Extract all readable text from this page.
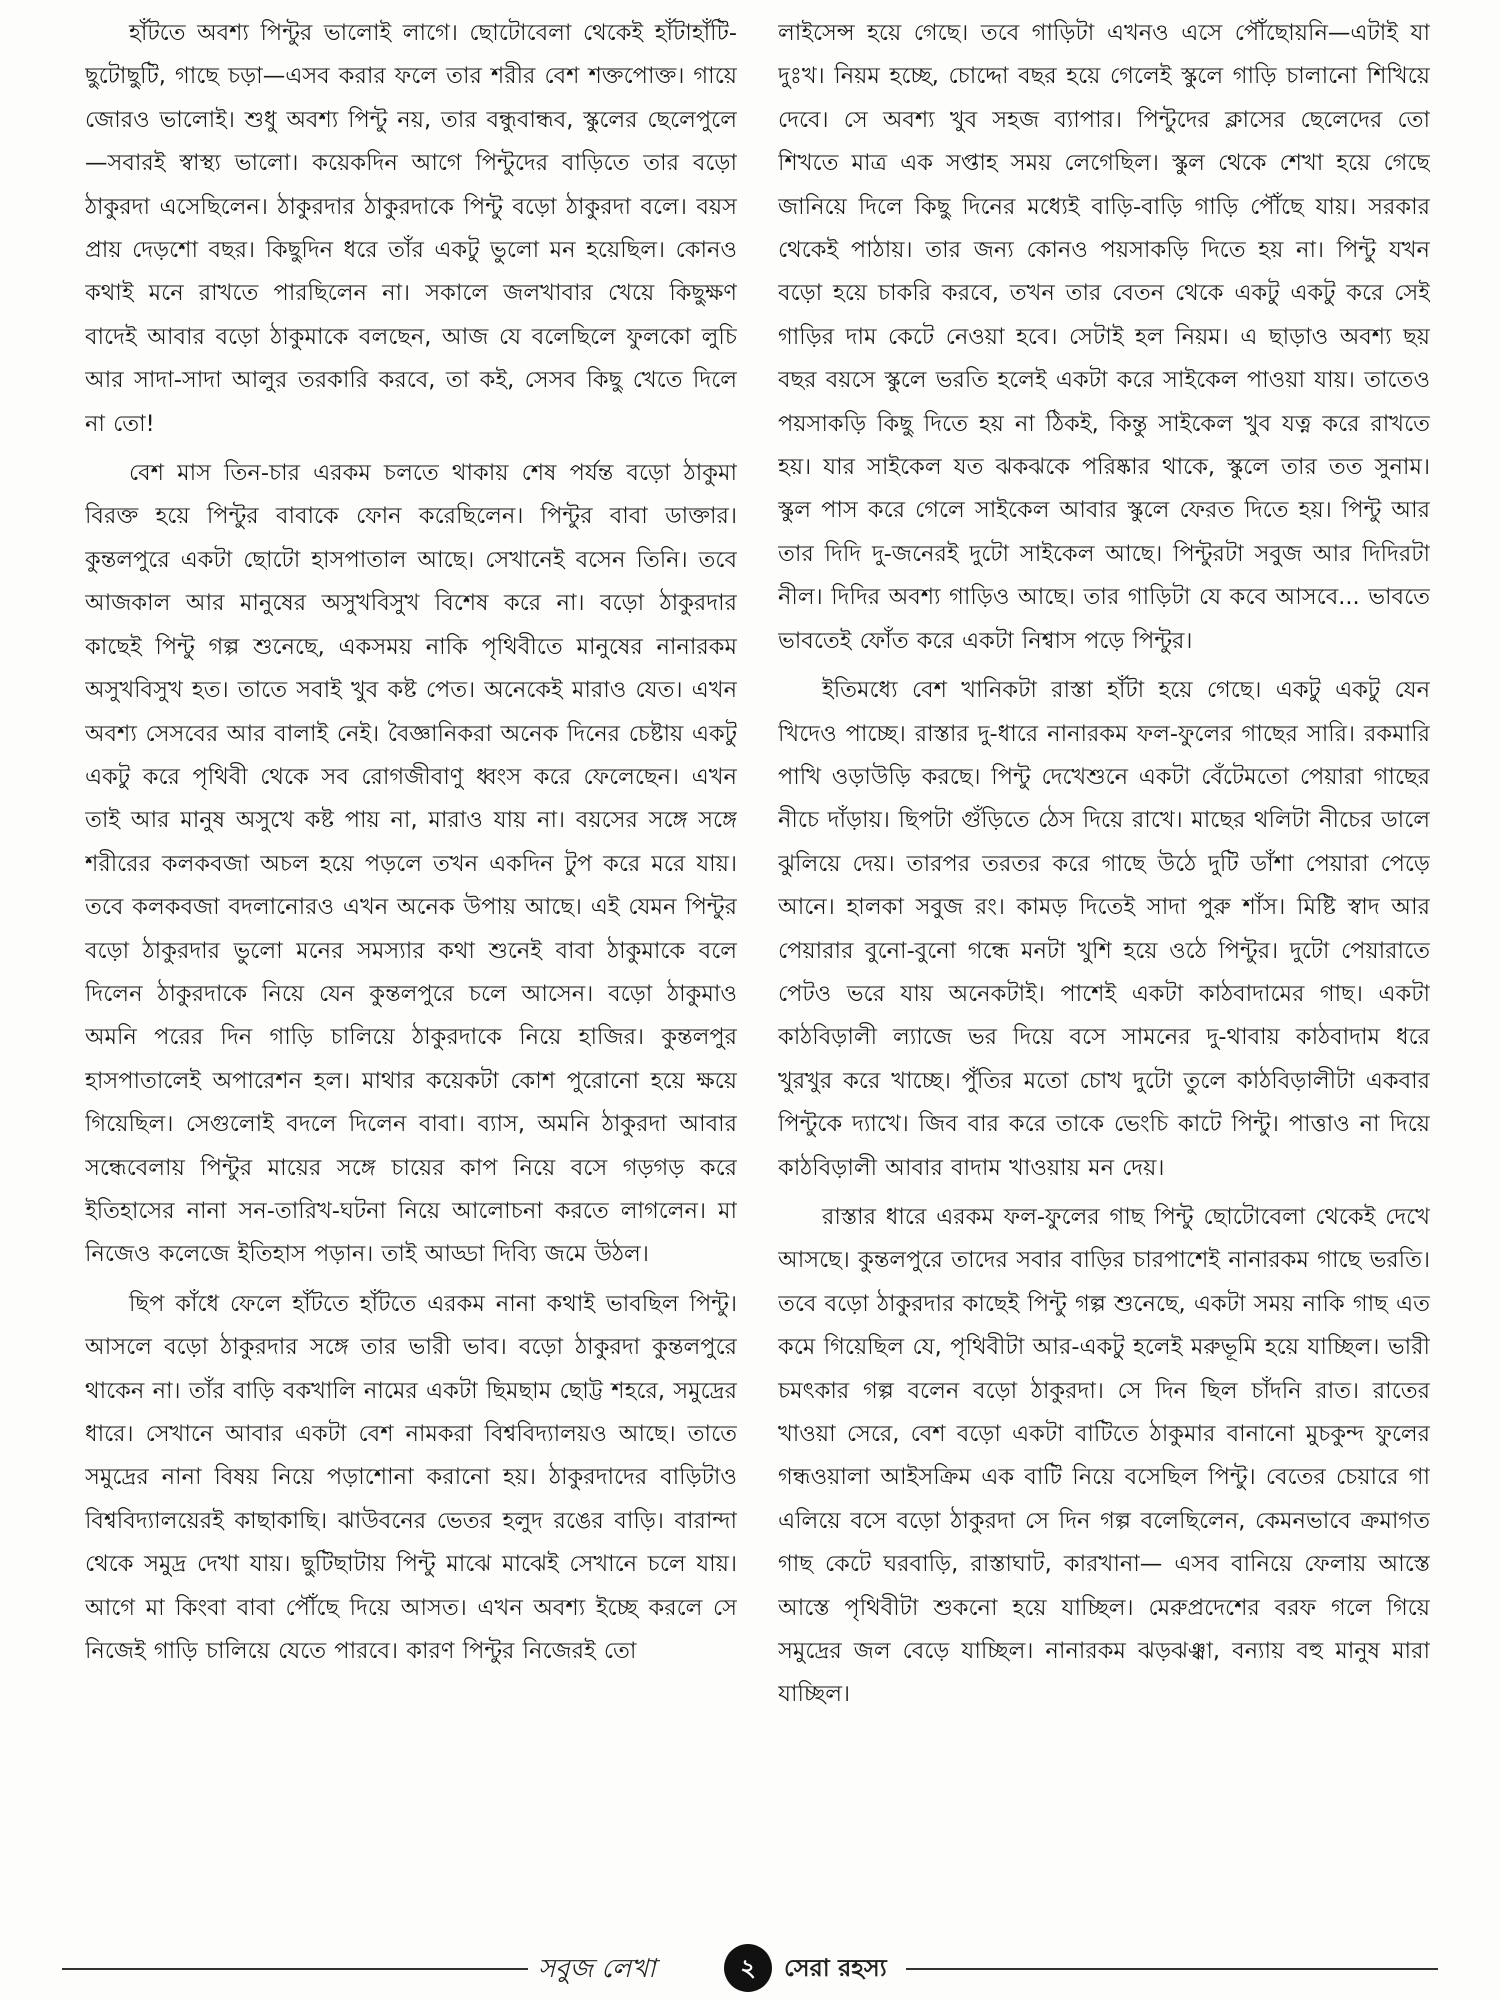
হাঁটতে অবশ্য পিন্টুর ভালোই লাগে। ছোটোবেলা থেকেই হাঁটাহাঁটি-ছুটোছুটি, গাছে চড়া—এসব করার ফলে তার শরীর বেশ শক্তপোক্ত। গায়ে জোরও ভালোই। শুধু অবশ্য পিন্টু নয়, তার বন্ধুবান্ধব, স্কুলের ছেলেপুলে—সবারই স্বাস্থ্য ভালো। কয়েকদিন আগে পিন্টুদের বাড়িতে তার বড়ো ঠাকুরদা এসেছিলেন। ঠাকুরদার ঠাকুরদাকে পিন্টু বড়ো ঠাকুরদা বলে। বয়স প্রায় দেড়শো বছর। কিছুদিন ধরে তাঁর একটু ভুলো মন হয়েছিল। কোনও কথাই মনে রাখতে পারছিলেন না। সকালে জলখাবার খেয়ে কিছুক্ষণ বাদেই আবার বড়ো ঠাকুমাকে বলছেন, আজ যে বলেছিলে ফুলকো লুচি আর সাদা-সাদা আলুর তরকারি করবে, তা কই, সেসব কিছু খেতে দিলে না তো!

বেশ মাস তিন-চার এরকম চলতে থাকায় শেষ পর্যন্ত বড়ো ঠাকুমা বিরক্ত হয়ে পিন্টুর বাবাকে ফোন করেছিলেন। পিন্টুর বাবা ডাক্তার। কুন্তলপুরে একটা ছোটো হাসপাতাল আছে। সেখানেই বসেন তিনি। তবে আজকাল আর মানুষের অসুখবিসুখ বিশেষ করে না। বড়ো ঠাকুরদার কাছেই পিন্টু গল্প শুনেছে, একসময় নাকি পৃথিবীতে মানুষের নানারকম অসুখবিসুখ হত। তাতে সবাই খুব কষ্ট পেত। অনেকেই মারাও যেত। এখন অবশ্য সেসবের আর বালাই নেই। বৈজ্ঞানিকরা অনেক দিনের চেষ্টায় একটু একটু করে পৃথিবী থেকে সব রোগজীবাণু ধ্বংস করে ফেলেছেন। এখন তাই আর মানুষ অসুখে কষ্ট পায় না, মারাও যায় না। বয়সের সঙ্গে সঙ্গে শরীরের কলকবজা অচল হয়ে পড়লে তখন একদিন টুপ করে মরে যায়। তবে কলকবজা বদলানোরও এখন অনেক উপায় আছে। এই যেমন পিন্টুর বড়ো ঠাকুরদার ভুলো মনের সমস্যার কথা শুনেই বাবা ঠাকুমাকে বলে দিলেন ঠাকুরদাকে নিয়ে যেন কুন্তলপুরে চলে আসেন। বড়ো ঠাকুমাও অমনি পরের দিন গাড়ি চালিয়ে ঠাকুরদাকে নিয়ে হাজির। কুন্তলপুর হাসপাতালেই অপারেশন হল। মাথার কয়েকটা কোশ পুরোনো হয়ে ক্ষয়ে গিয়েছিল। সেগুলোই বদলে দিলেন বাবা। ব্যাস, অমনি ঠাকুরদা আবার সন্ধেবেলায় পিন্টুর মায়ের সঙ্গে চায়ের কাপ নিয়ে বসে গড়গড় করে ইতিহাসের নানা সন-তারিখ-ঘটনা নিয়ে আলোচনা করতে লাগলেন। মা নিজেও কলেজে ইতিহাস পড়ান। তাই আড্ডা দিব্যি জমে উঠল।

ছিপ কাঁধে ফেলে হাঁটতে হাঁটতে এরকম নানা কথাই ভাবছিল পিন্টু। আসলে বড়ো ঠাকুরদার সঙ্গে তার ভারী ভাব। বড়ো ঠাকুরদা কুন্তলপুরে থাকেন না। তাঁর বাড়ি বকখালি নামের একটা ছিমছাম ছোট্ট শহরে, সমুদ্রের ধারে। সেখানে আবার একটা বেশ নামকরা বিশ্ববিদ্যালয়ও আছে। তাতে সমুদ্রের নানা বিষয় নিয়ে পড়াশোনা করানো হয়। ঠাকুরদাদের বাড়িটাও বিশ্ববিদ্যালয়েরই কাছাকাছি। ঝাউবনের ভেতর হলুদ রঙের বাড়ি। বারান্দা থেকে সমুদ্র দেখা যায়। ছুটিছাটায় পিন্টু মাঝে মাঝেই সেখানে চলে যায়। আগে মা কিংবা বাবা পৌঁছে দিয়ে আসত। এখন অবশ্য ইচ্ছে করলে সে নিজেই গাড়ি চালিয়ে যেতে পারবে। কারণ পিন্টুর নিজেরই তো

লাইসেন্স হয়ে গেছে। তবে গাড়িটা এখনও এসে পৌঁছোয়নি—এটাই যা দুঃখ। নিয়ম হচ্ছে, চোদ্দো বছর হয়ে গেলেই স্কুলে গাড়ি চালানো শিখিয়ে দেবে। সে অবশ্য খুব সহজ ব্যাপার। পিন্টুদের ক্লাসের ছেলেদের তো শিখতে মাত্র এক সপ্তাহ সময় লেগেছিল। স্কুল থেকে শেখা হয়ে গেছে জানিয়ে দিলে কিছু দিনের মধ্যেই বাড়ি-বাড়ি গাড়ি পৌঁছে যায়। সরকার থেকেই পাঠায়। তার জন্য কোনও পয়সাকড়ি দিতে হয় না। পিন্টু যখন বড়ো হয়ে চাকরি করবে, তখন তার বেতন থেকে একটু একটু করে সেই গাড়ির দাম কেটে নেওয়া হবে। সেটাই হল নিয়ম। এ ছাড়াও অবশ্য ছয় বছর বয়সে স্কুলে ভরতি হলেই একটা করে সাইকেল পাওয়া যায়। তাতেও পয়সাকড়ি কিছু দিতে হয় না ঠিকই, কিন্তু সাইকেল খুব যত্ন করে রাখতে হয়। যার সাইকেল যত ঝকঝকে পরিষ্কার থাকে, স্কুলে তার তত সুনাম। স্কুল পাস করে গেলে সাইকেল আবার স্কুলে ফেরত দিতে হয়। পিন্টু আর তার দিদি দু-জনেরই দুটো সাইকেল আছে। পিন্টুরটা সবুজ আর দিদিরটা নীল। দিদির অবশ্য গাড়িও আছে। তার গাড়িটা যে কবে আসবে... ভাবতে ভাবতেই ফোঁত করে একটা নিশ্বাস পড়ে পিন্টুর।

ইতিমধ্যে বেশ খানিকটা রাস্তা হাঁটা হয়ে গেছে। একটু একটু যেন খিদেও পাচ্ছে। রাস্তার দু-ধারে নানারকম ফল-ফুলের গাছের সারি। রকমারি পাখি ওড়াউড়ি করছে। পিন্টু দেখেশুনে একটা বেঁটেমতো পেয়ারা গাছের নীচে দাঁড়ায়। ছিপটা গুঁড়িতে ঠেস দিয়ে রাখে। মাছের থলিটা নীচের ডালে ঝুলিয়ে দেয়। তারপর তরতর করে গাছে উঠে দুটি ডাঁশা পেয়ারা পেড়ে আনে। হালকা সবুজ রং। কামড় দিতেই সাদা পুরু শাঁস। মিষ্টি স্বাদ আর পেয়ারার বুনো-বুনো গন্ধে মনটা খুশি হয়ে ওঠে পিন্টুর। দুটো পেয়ারাতে পেটও ভরে যায় অনেকটাই। পাশেই একটা কাঠবাদামের গাছ। একটা কাঠবিড়ালী ল্যাজে ভর দিয়ে বসে সামনের দু-থাবায় কাঠবাদাম ধরে খুরখুর করে খাচ্ছে। পুঁতির মতো চোখ দুটো তুলে কাঠবিড়ালীটা একবার পিন্টুকে দ্যাখে। জিব বার করে তাকে ভেংচি কাটে পিন্টু। পাত্তাও না দিয়ে কাঠবিড়ালী আবার বাদাম খাওয়ায় মন দেয়।

রাস্তার ধারে এরকম ফল-ফুলের গাছ পিন্টু ছোটোবেলা থেকেই দেখে আসছে। কুন্তলপুরে তাদের সবার বাড়ির চারপাশেই নানারকম গাছে ভরতি। তবে বড়ো ঠাকুরদার কাছেই পিন্টু গল্প শুনেছে, একটা সময় নাকি গাছ এত কমে গিয়েছিল যে, পৃথিবীটা আর-একটু হলেই মরুভূমি হয়ে যাচ্ছিল। ভারী চমৎকার গল্প বলেন বড়ো ঠাকুরদা। সে দিন ছিল চাঁদনি রাত। রাতের খাওয়া সেরে, বেশ বড়ো একটা বাটিতে ঠাকুমার বানানো মুচকুন্দ ফুলের গন্ধওয়ালা আইসক্রিম এক বাটি নিয়ে বসেছিল পিন্টু। বেতের চেয়ারে গা এলিয়ে বসে বড়ো ঠাকুরদা সে দিন গল্প বলেছিলেন, কেমনভাবে ক্রমাগত গাছ কেটে ঘরবাড়ি, রাস্তাঘাট, কারখানা— এসব বানিয়ে ফেলায় আস্তে আস্তে পৃথিবীটা শুকনো হয়ে যাচ্ছিল। মেরুপ্রদেশের বরফ গলে গিয়ে সমুদ্রের জল বেড়ে যাচ্ছিল। নানারকম ঝড়ঝঞ্ঝা, বন্যায় বহু মানুষ মারা যাচ্ছিল।

সবুজ লেখা	২	সেরা রহস্য
